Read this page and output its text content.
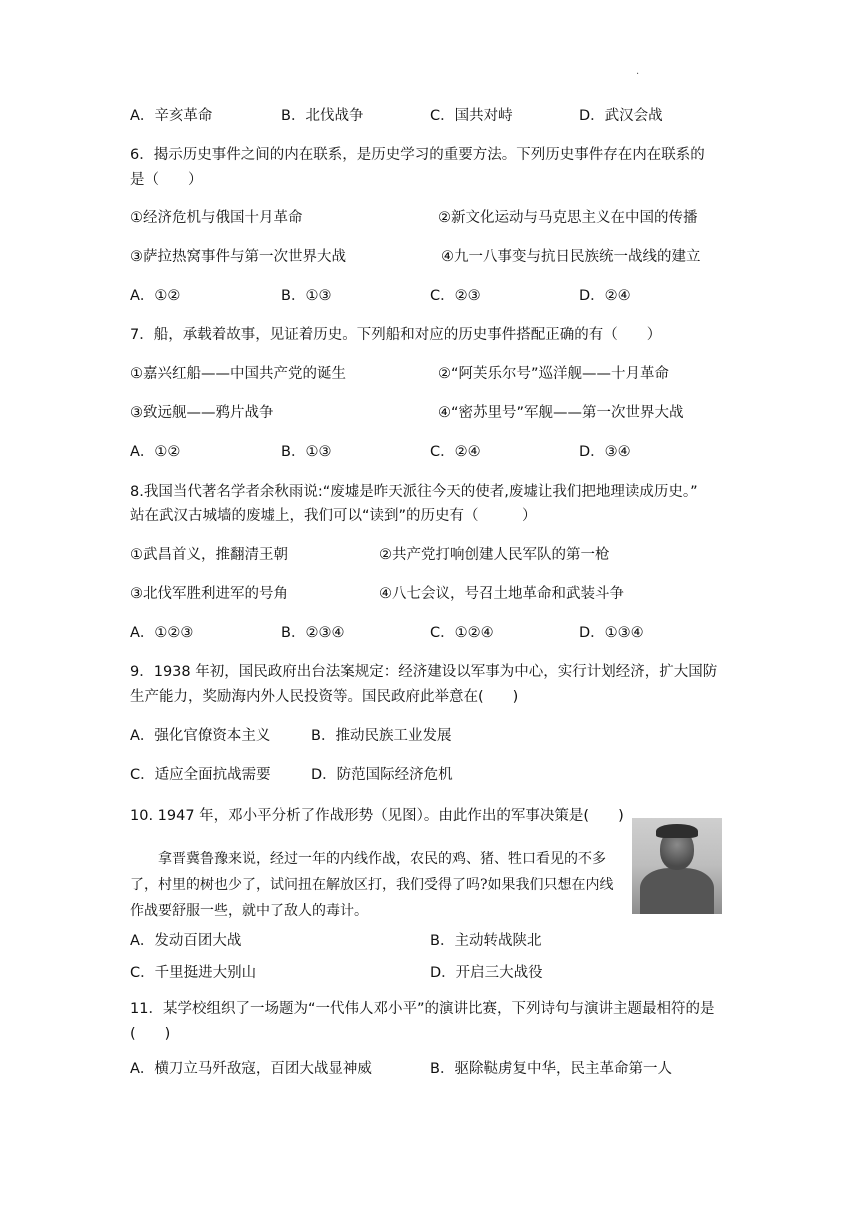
.
A．辛亥革命	B．北伐战争	C．国共对峙	D．武汉会战
6．揭示历史事件之间的内在联系，是历史学习的重要方法。下列历史事件存在内在联系的
是（　　）
①经济危机与俄国十月革命	②新文化运动与马克思主义在中国的传播
③萨拉热窝事件与第一次世界大战	④九一八事变与抗日民族统一战线的建立
A．①②	B．①③	C．②③	D．②④
7．船，承载着故事，见证着历史。下列船和对应的历史事件搭配正确的有（　　）
①嘉兴红船——中国共产党的诞生	②“阿芙乐尔号”巡洋舰——十月革命
③致远舰——鸦片战争	④“密苏里号”军舰——第一次世界大战
A．①②	B．①③	C．②④	D．③④
8.我国当代著名学者余秋雨说:“废墟是昨天派往今天的使者,废墟让我们把地理读成历史。”
站在武汉古城墙的废墟上，我们可以“读到”的历史有（　　　）
①武昌首义，推翻清王朝	②共产党打响创建人民军队的第一枪
③北伐军胜利进军的号角	④八七会议，号召土地革命和武装斗争
A．①②③	B．②③④	C．①②④	D．①③④
9．1938 年初，国民政府出台法案规定：经济建设以军事为中心，实行计划经济，扩大国防
生产能力，奖励海内外人民投资等。国民政府此举意在(　　)
A．强化官僚资本主义	B．推动民族工业发展
C．适应全面抗战需要	D．防范国际经济危机
10. 1947 年，邓小平分析了作战形势（见图）。由此作出的军事决策是(　　)

拿晋冀鲁豫来说，经过一年的内线作战，农民的鸡、猪、牲口看见的不多了，村里的树也少了，试问扭在解放区打，我们受得了吗?如果我们只想在内线作战要舒服一些，就中了敌人的毒计。

A．发动百团大战	B．主动转战陕北
C．千里挺进大别山	D．开启三大战役
11．某学校组织了一场题为“一代伟人邓小平”的演讲比赛，下列诗句与演讲主题最相符的是
(　　)
A．横刀立马歼敌寇，百团大战显神威	B．驱除鞑虏复中华，民主革命第一人
